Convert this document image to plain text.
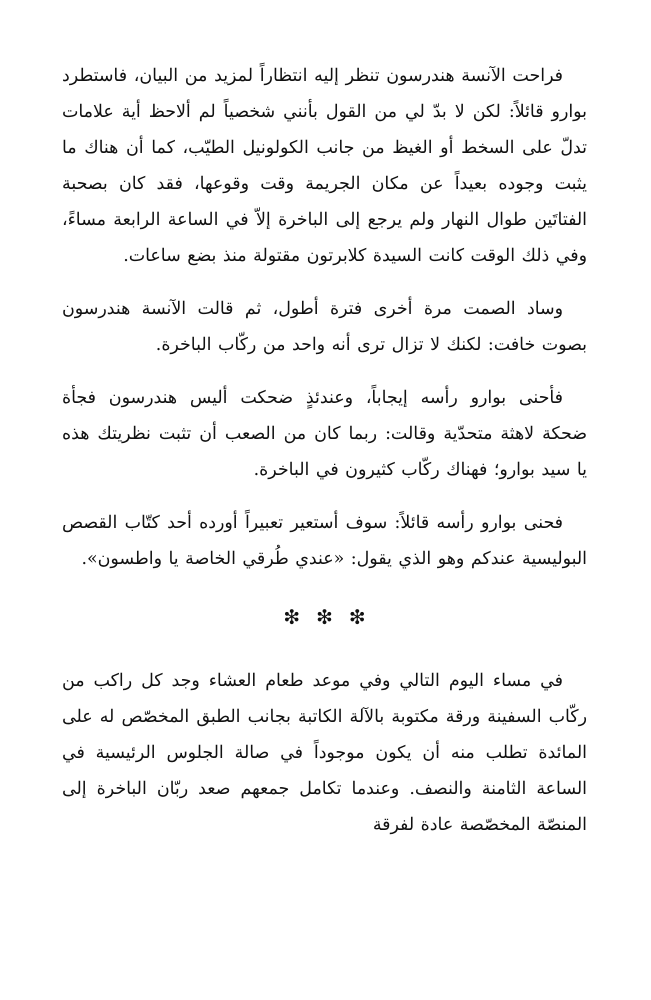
فراحت الآنسة هندرسون تنظر إليه انتظاراً لمزيد من البيان، فاستطرد بوارو قائلاً: لكن لا بدّ لي من القول بأنني شخصياً لم ألاحظ أية علامات تدلّ على السخط أو الغيظ من جانب الكولونيل الطيّب، كما أن هناك ما يثبت وجوده بعيداً عن مكان الجريمة وقت وقوعها، فقد كان بصحبة الفتاتَين طوال النهار ولم يرجع إلى الباخرة إلاّ في الساعة الرابعة مساءً، وفي ذلك الوقت كانت السيدة كلابرتون مقتولة منذ بضع ساعات.

وساد الصمت مرة أخرى فترة أطول، ثم قالت الآنسة هندرسون بصوت خافت: لكنك لا تزال ترى أنه واحد من ركّاب الباخرة.

فأحنى بوارو رأسه إيجاباً، وعندئذٍ ضحكت أليس هندرسون فجأة ضحكة لاهثة متحدّية وقالت: ربما كان من الصعب أن تثبت نظريتك هذه يا سيد بوارو؛ فهناك ركّاب كثيرون في الباخرة.

فحنى بوارو رأسه قائلاً: سوف أستعير تعبيراً أورده أحد كتّاب القصص البوليسية عندكم وهو الذي يقول: «عندي طُرقي الخاصة يا واطسون».

❇❇❇

في مساء اليوم التالي وفي موعد طعام العشاء وجد كل راكب من ركّاب السفينة ورقة مكتوبة بالآلة الكاتبة بجانب الطبق المخصّص له على المائدة تطلب منه أن يكون موجوداً في صالة الجلوس الرئيسية في الساعة الثامنة والنصف. وعندما تكامل جمعهم صعد ربّان الباخرة إلى المنصّة المخصّصة عادة لفرقة
